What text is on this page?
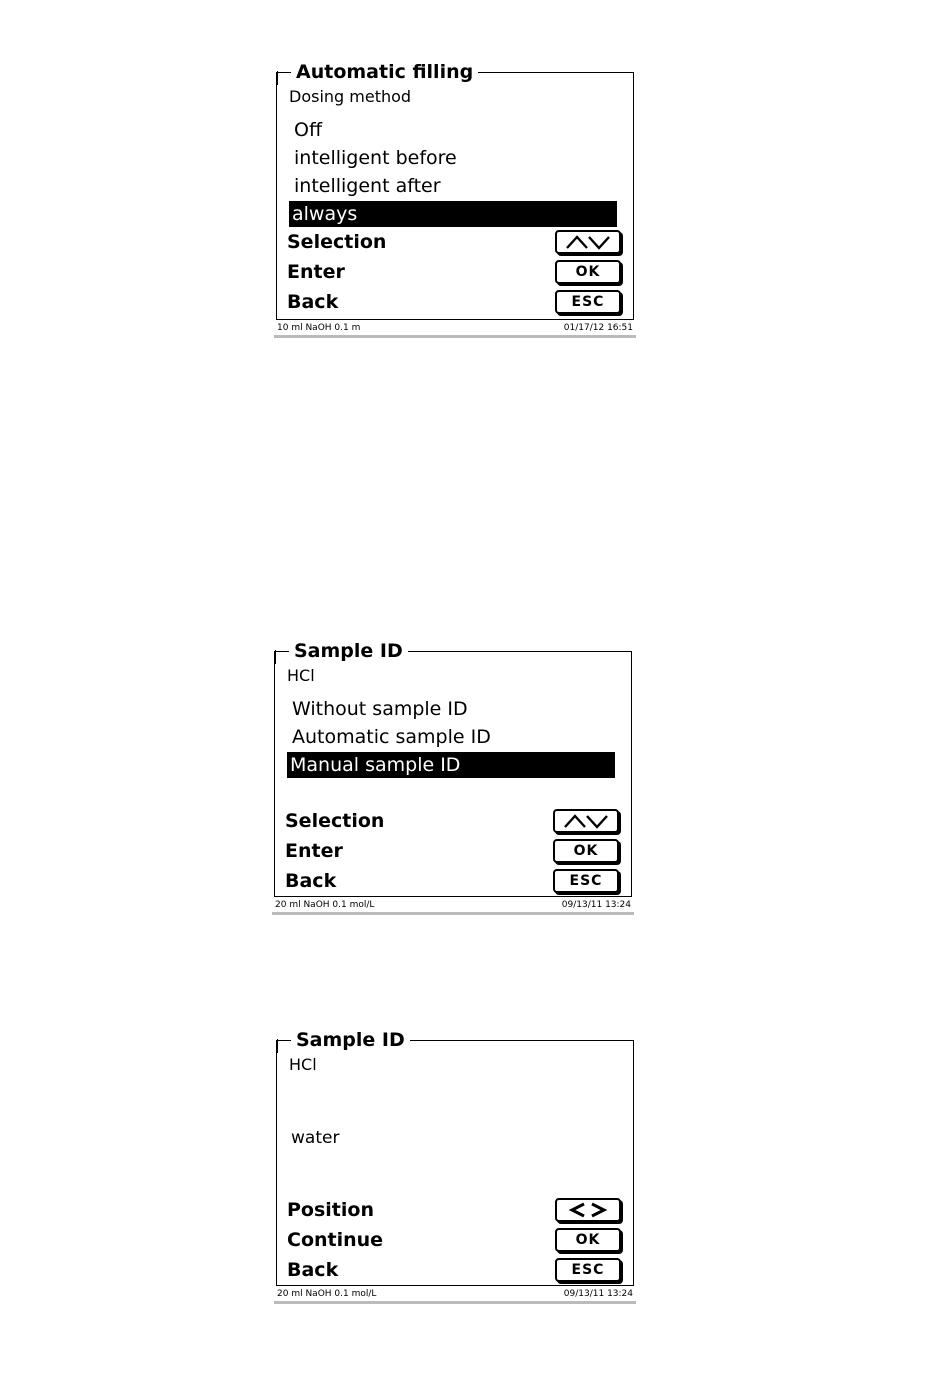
Automatic filling
Dosing method
Off
intelligent before
intelligent after
always
Selection
Enter	OK
Back	ESC
10 ml NaOH 0.1 m	01/17/12 16:51
Sample ID
HCl
Without sample ID
Automatic sample ID
Manual sample ID
Selection
Enter	OK
Back	ESC
20 ml NaOH 0.1 mol/L	09/13/11 13:24
Sample ID
HCl
water
Position
Continue	OK
Back	ESC
20 ml NaOH 0.1 mol/L	09/13/11 13:24
